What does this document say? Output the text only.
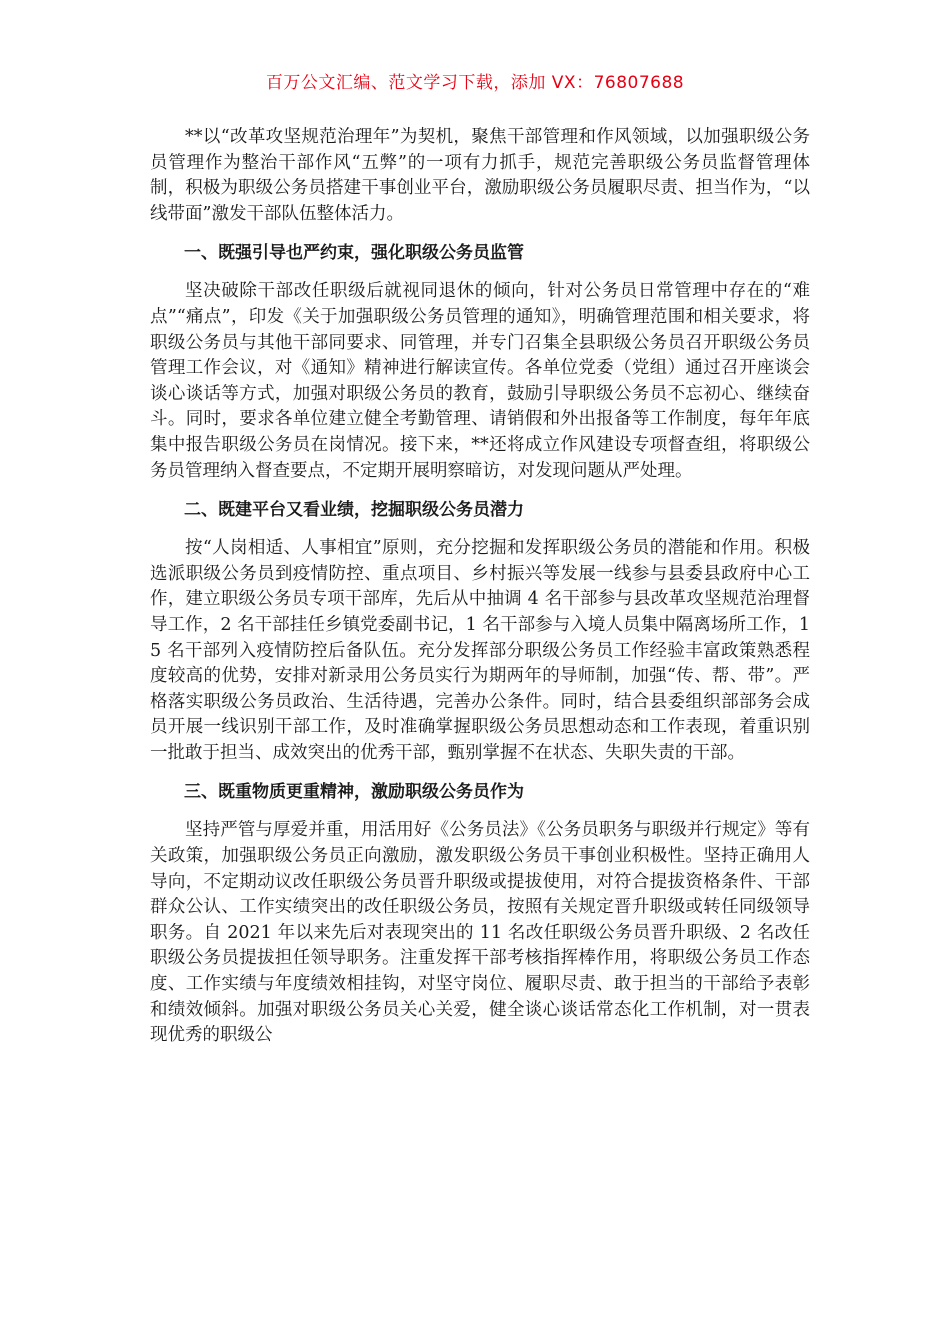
百万公文汇编、范文学习下载，添加 VX：76807688

**以“改革攻坚规范治理年”为契机，聚焦干部管理和作风领域，以加强职级公务员管理作为整治干部作风“五弊”的一项有力抓手，规范完善职级公务员监督管理体制，积极为职级公务员搭建干事创业平台，激励职级公务员履职尽责、担当作为，“以线带面”激发干部队伍整体活力。

一、既强引导也严约束，强化职级公务员监管

坚决破除干部改任职级后就视同退休的倾向，针对公务员日常管理中存在的“难点”“痛点”，印发《关于加强职级公务员管理的通知》，明确管理范围和相关要求，将职级公务员与其他干部同要求、同管理，并专门召集全县职级公务员召开职级公务员管理工作会议，对《通知》精神进行解读宣传。各单位党委（党组）通过召开座谈会谈心谈话等方式，加强对职级公务员的教育，鼓励引导职级公务员不忘初心、继续奋斗。同时，要求各单位建立健全考勤管理、请销假和外出报备等工作制度，每年年底集中报告职级公务员在岗情况。接下来，**还将成立作风建设专项督查组，将职级公务员管理纳入督查要点，不定期开展明察暗访，对发现问题从严处理。

二、既建平台又看业绩，挖掘职级公务员潜力

按“人岗相适、人事相宜”原则，充分挖掘和发挥职级公务员的潜能和作用。积极选派职级公务员到疫情防控、重点项目、乡村振兴等发展一线参与县委县政府中心工作，建立职级公务员专项干部库，先后从中抽调 4 名干部参与县改革攻坚规范治理督导工作，2 名干部挂任乡镇党委副书记，1 名干部参与入境人员集中隔离场所工作，15 名干部列入疫情防控后备队伍。充分发挥部分职级公务员工作经验丰富政策熟悉程度较高的优势，安排对新录用公务员实行为期两年的导师制，加强“传、帮、带”。严格落实职级公务员政治、生活待遇，完善办公条件。同时，结合县委组织部部务会成员开展一线识别干部工作，及时准确掌握职级公务员思想动态和工作表现，着重识别一批敢于担当、成效突出的优秀干部，甄别掌握不在状态、失职失责的干部。

三、既重物质更重精神，激励职级公务员作为

坚持严管与厚爱并重，用活用好《公务员法》《公务员职务与职级并行规定》等有关政策，加强职级公务员正向激励，激发职级公务员干事创业积极性。坚持正确用人导向，不定期动议改任职级公务员晋升职级或提拔使用，对符合提拔资格条件、干部群众公认、工作实绩突出的改任职级公务员，按照有关规定晋升职级或转任同级领导职务。自 2021 年以来先后对表现突出的 11 名改任职级公务员晋升职级、2 名改任职级公务员提拔担任领导职务。注重发挥干部考核指挥棒作用，将职级公务员工作态度、工作实绩与年度绩效相挂钩，对坚守岗位、履职尽责、敢于担当的干部给予表彰和绩效倾斜。加强对职级公务员关心关爱，健全谈心谈话常态化工作机制，对一贯表现优秀的职级公
